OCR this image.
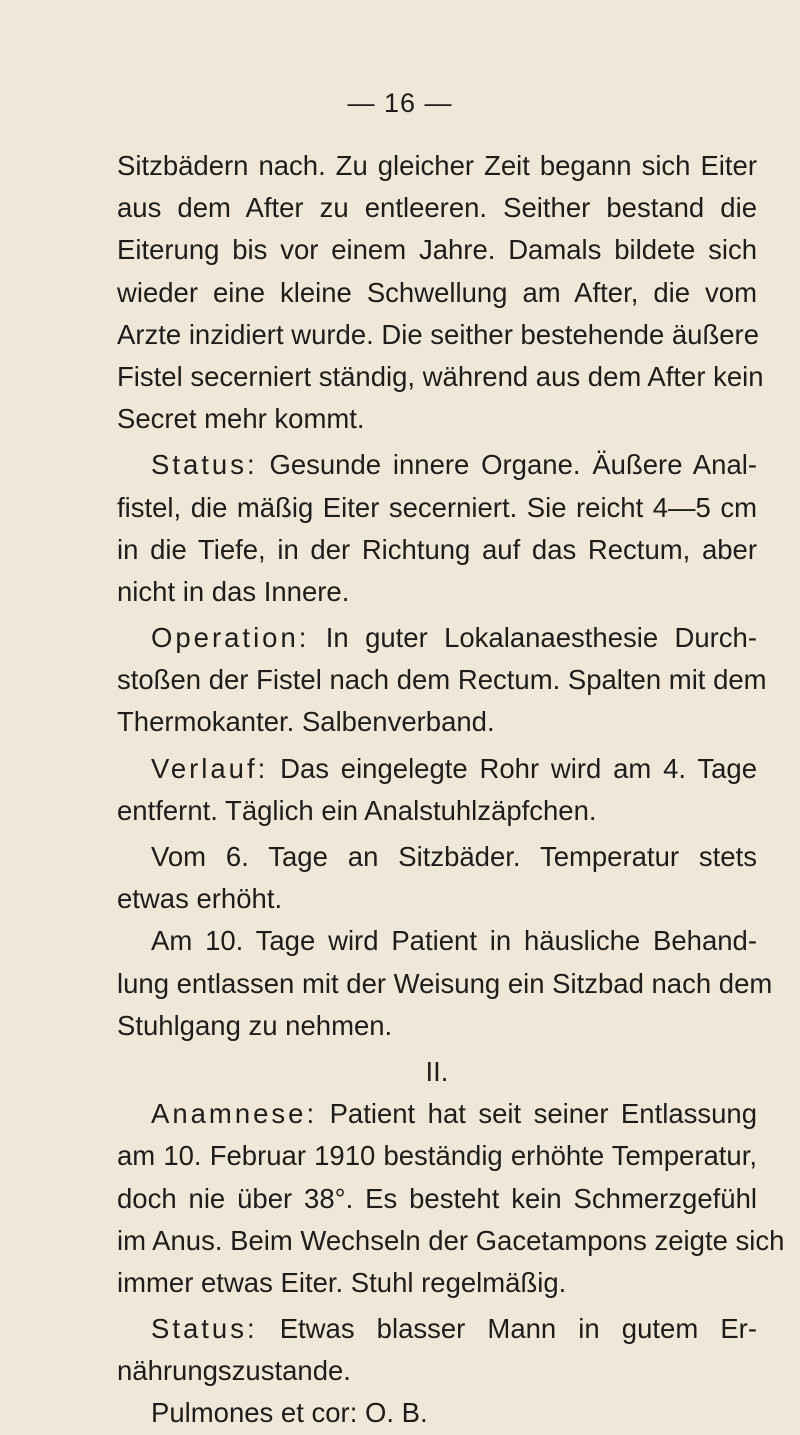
— 16 —
Sitzbädern nach. Zu gleicher Zeit begann sich Eiter
aus dem After zu entleeren. Seither bestand die
Eiterung bis vor einem Jahre. Damals bildete sich
wieder eine kleine Schwellung am After, die vom
Arzte inzidiert wurde. Die seither bestehende äußere
Fistel secerniert ständig, während aus dem After kein
Secret mehr kommt.
Status: Gesunde innere Organe. Äußere Anal-
fistel, die mäßig Eiter secerniert. Sie reicht 4—5 cm
in die Tiefe, in der Richtung auf das Rectum, aber
nicht in das Innere.
Operation: In guter Lokalanaesthesie Durch-
stoßen der Fistel nach dem Rectum. Spalten mit dem
Thermokanter. Salbenverband.
Verlauf: Das eingelegte Rohr wird am 4. Tage
entfernt. Täglich ein Analstuhlzäpfchen.
Vom 6. Tage an Sitzbäder. Temperatur stets
etwas erhöht.
Am 10. Tage wird Patient in häusliche Behand-
lung entlassen mit der Weisung ein Sitzbad nach dem
Stuhlgang zu nehmen.
II.
Anamnese: Patient hat seit seiner Entlassung
am 10. Februar 1910 beständig erhöhte Temperatur,
doch nie über 38°. Es besteht kein Schmerzgefühl
im Anus. Beim Wechseln der Gacetampons zeigte sich
immer etwas Eiter. Stuhl regelmäßig.
Status: Etwas blasser Mann in gutem Er-
nährungszustande.
Pulmones et cor: O. B.
